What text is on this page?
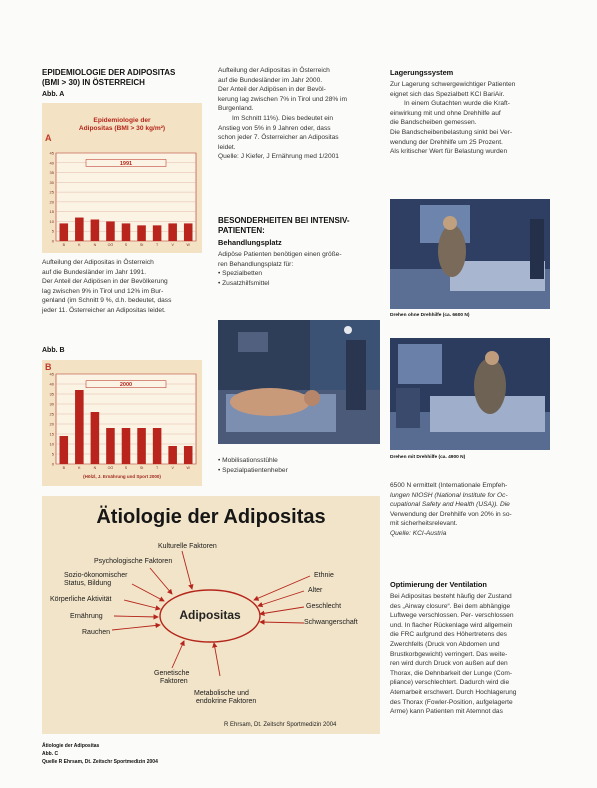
EPIDEMIOLOGIE DER ADIPOSITAS
(BMI > 30) IN ÖSTERREICH
Abb. A
A
Epidemiologie der
Adipositas (BMI > 30 kg/m²)
45
40
35
30
25
20
15
10
5
0
1991
B	K	N	OÖ	S	St	T	V	W

Aufteilung der Adipositas in Österreich

auf die Bundesländer im Jahr 1991.

Der Anteil der Adipösen in der Bevölkerung

lag zwischen 9% in Tirol und 12% im Bur-

genland (im Schnitt 9 %, d.h. bedeutet, dass

jeder 11. Österreicher an Adipositas leidet.

Abb. B
B
45
40
35
30
25
20
15
10
5
0
2000
B	K	N	OÖ	S	St	T	V	W
(Hölzl, J. Ernährung und Sport 2000)

Aufteilung der Adipositas in Österreich

auf die Bundesländer im Jahr 2000.

Der Anteil der Adipösen in der Bevöl-

kerung lag zwischen 7% in Tirol und 28% im

Burgenland.

Im Schnitt 11%). Dies bedeutet ein

Anstieg von 5% in 9 Jahren oder, dass

schon jeder 7. Österreicher an Adipositas

leidet.

Quelle: J Kiefer, J Ernährung med 1/2001

BESONDERHEITEN BEI INTENSIV-
PATIENTEN:
Behandlungsplatz

Adipöse Patienten benötigen einen größe-

ren Behandlungsplatz für:

• Spezialbetten

• Zusatzhilfsmittel

• Mobilisationsstühle

• Spezialpatientenheber

Lagerungssystem

Zur Lagerung schwergewichtiger Patienten

eignet sich das Spezialbett KCI BariAir.

In einem Gutachten wurde die Kraft-

einwirkung mit und ohne Drehhilfe auf

die Bandscheiben gemessen.

Die Bandscheibenbelastung sinkt bei Ver-

wendung der Drehhilfe um 25 Prozent.

Als kritischer Wert für Belastung wurden

Drehen ohne Drehhilfe (ca. 6600 N)
Drehen mit Drehhilfe (ca. 4900 N)

6500 N ermittelt (Internationale Empfeh-

lungen NIOSH (National Institute for Oc-

cupational Safety and Health (USA)). Die

Verwendung der Drehhilfe von 20% in so-

mit sicherheitsrelevant.

Quelle: KCI-Austria

Optimierung der Ventilation

Bei Adipositas besteht häufig der Zustand

des „Airway closure“. Bei dem abhängige

Luftwege verschlossen. Per- verschlossen

und. In flacher Rückenlage wird allgemein

die FRC aufgrund des Höhertretens des

Zwerchfells (Druck von Abdomen und

Brustkorbgewicht) verringert. Das weite-

ren wird durch Druck von außen auf den

Thorax, die Dehnbarkeit der Lunge (Com-

pliance) verschlechtert. Dadurch wird die

Atemarbeit erschwert. Durch Hochlagerung

des Thorax (Fowler-Position, aufgelagerte

Arme) kann Patienten mit Atemnot das

Ätiologie der Adipositas
Adipositas
Kulturelle Faktoren
Psychologische Faktoren
Sozio-ökonomischer
Status, Bildung
Körperliche Aktivität
Ernährung
Rauchen
Genetische
Faktoren
Metabolische und
endokrine Faktoren
Ethnie
Alter
Geschlecht
Schwangerschaft
R Ehrsam, Dt. Zeitschr Sportmedizin 2004
Ätiologie der Adipositas
Abb. C
Quelle R Ehrsam, Dt. Zeitschr Sportmedizin 2004
